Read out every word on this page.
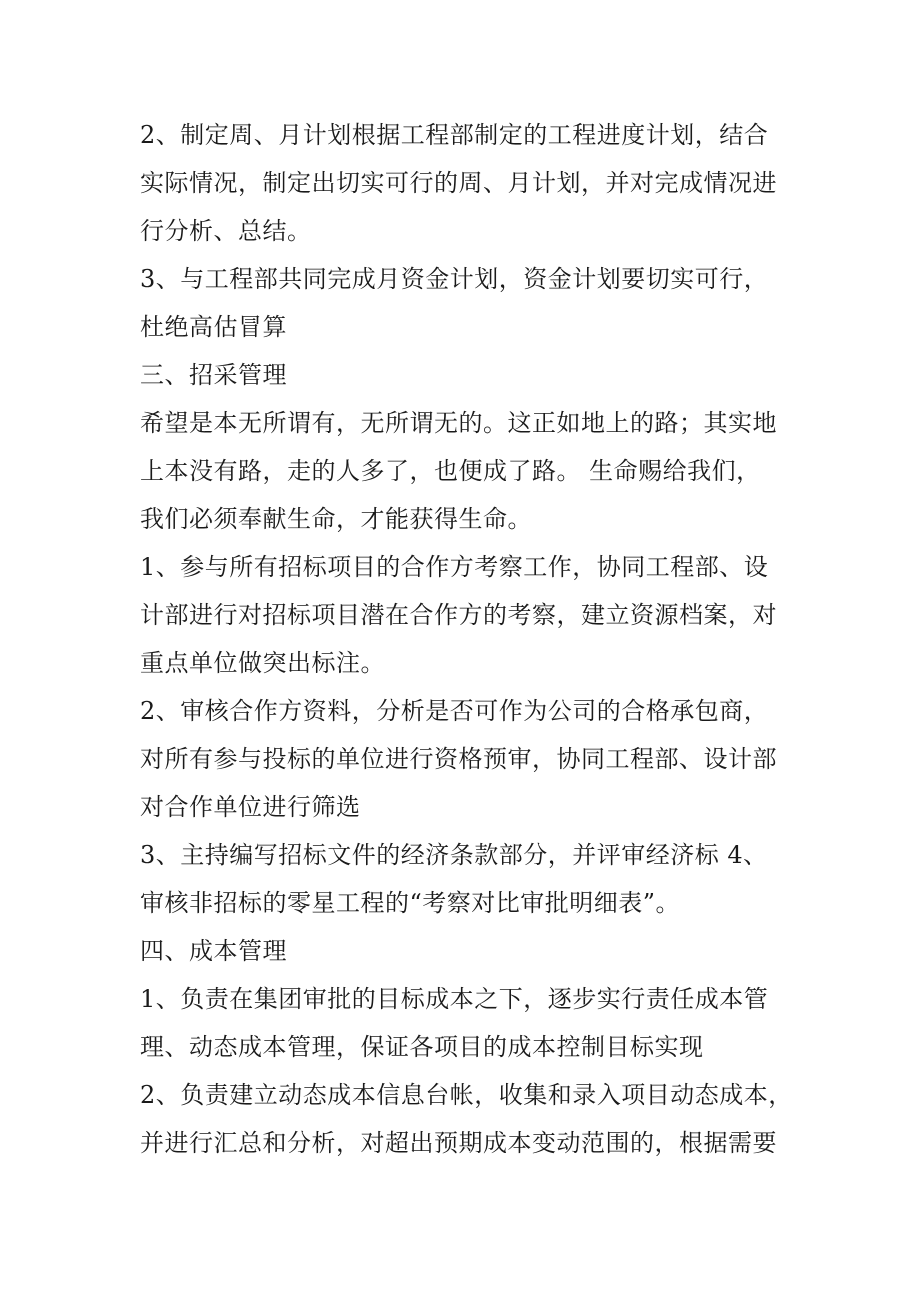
2、制定周、月计划根据工程部制定的工程进度计划，结合
实际情况，制定出切实可行的周、月计划，并对完成情况进
行分析、总结。
3、与工程部共同完成月资金计划，资金计划要切实可行，
杜绝高估冒算
三、招采管理
希望是本无所谓有，无所谓无的。这正如地上的路；其实地
上本没有路，走的人多了，也便成了路。 生命赐给我们，
我们必须奉献生命，才能获得生命。
1、参与所有招标项目的合作方考察工作，协同工程部、设
计部进行对招标项目潜在合作方的考察，建立资源档案，对
重点单位做突出标注。
2、审核合作方资料，分析是否可作为公司的合格承包商，
对所有参与投标的单位进行资格预审，协同工程部、设计部
对合作单位进行筛选
3、主持编写招标文件的经济条款部分，并评审经济标 4、
审核非招标的零星工程的“考察对比审批明细表”。
四、成本管理
1、负责在集团审批的目标成本之下，逐步实行责任成本管
理、动态成本管理，保证各项目的成本控制目标实现
2、负责建立动态成本信息台帐，收集和录入项目动态成本，
并进行汇总和分析，对超出预期成本变动范围的，根据需要
